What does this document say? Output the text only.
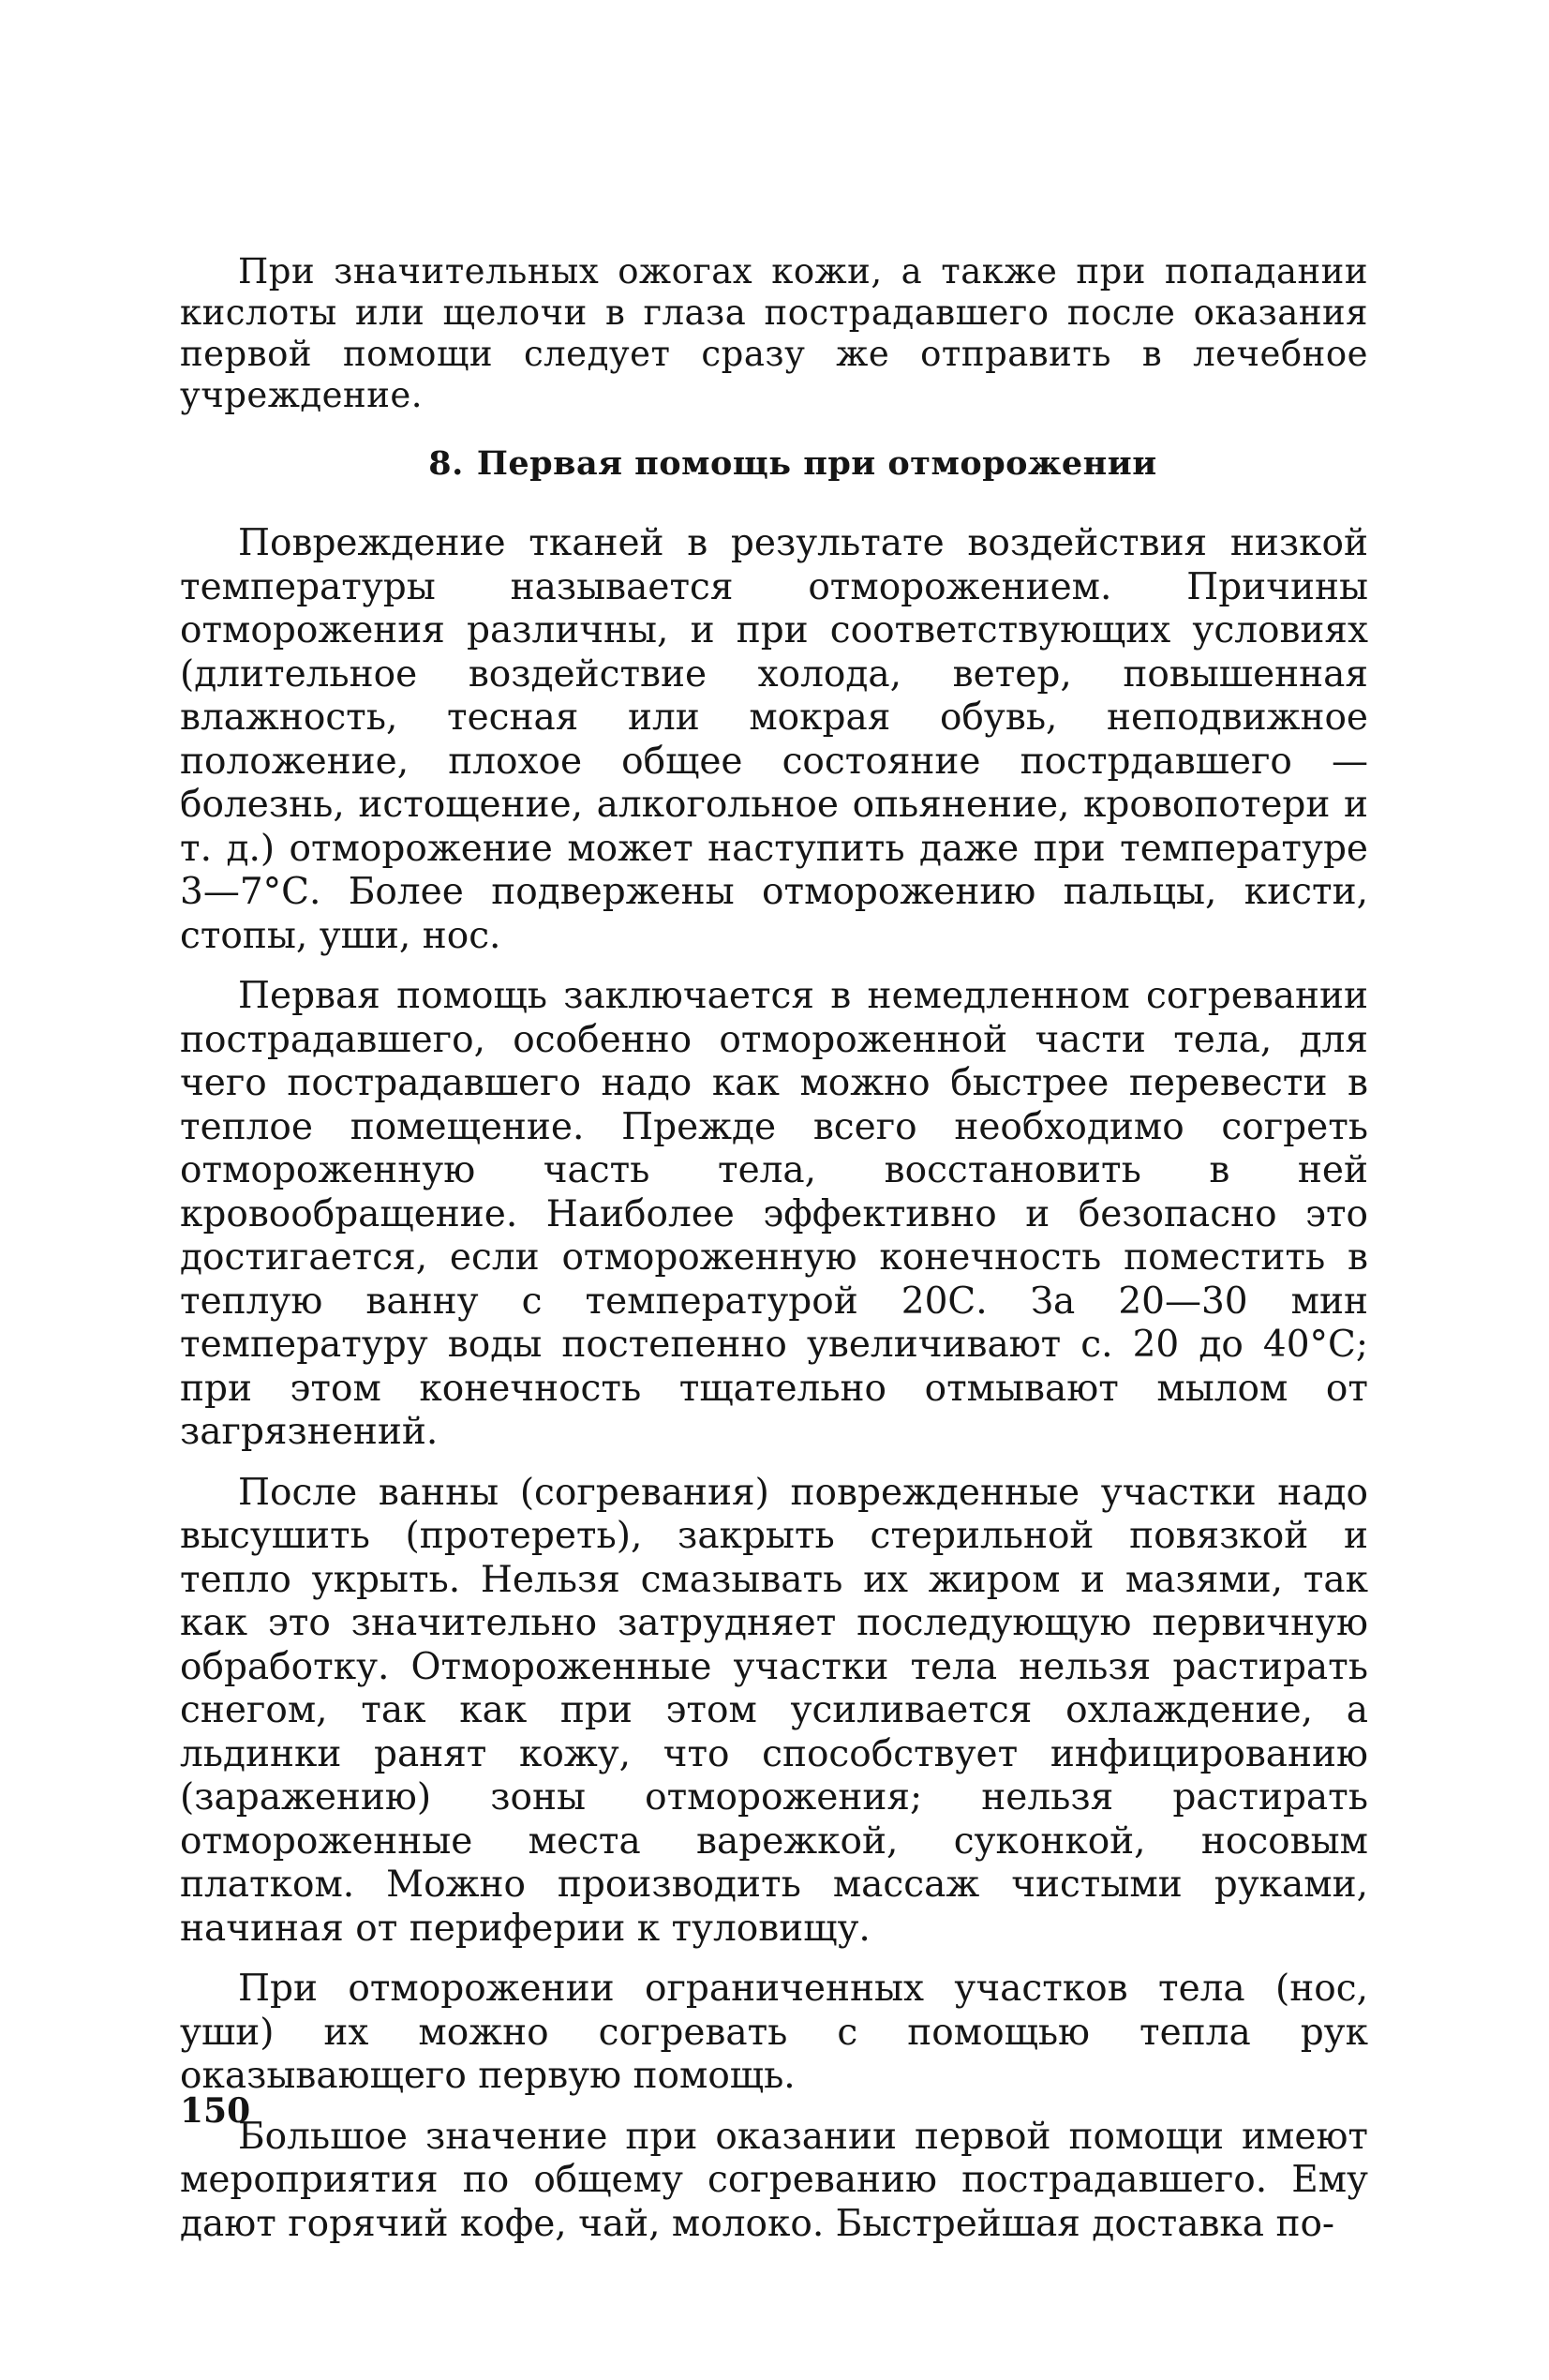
При значительных ожогах кожи, а также при попадании кислоты или щелочи в глаза пострадавшего после оказания первой помощи следует сразу же отправить в лечебное учреждение.

8. Первая помощь при отморожении

Повреждение тканей в результате воздействия низкой температуры называется отморожением. Причины отморожения различны, и при соответствующих условиях (длительное воздействие холода, ветер, повышенная влажность, тесная или мокрая обувь, неподвижное положение, плохое общее состояние пострдавшего — болезнь, истощение, алкогольное опьянение, кровопотери и т. д.) отморожение может наступить даже при температуре 3—7°С. Более подвержены отморожению пальцы, кисти, стопы, уши, нос.

Первая помощь заключается в немедленном согревании пострадавшего, особенно отмороженной части тела, для чего пострадавшего надо как можно быстрее перевести в теплое помещение. Прежде всего необходимо согреть отмороженную часть тела, восстановить в ней кровообращение. Наиболее эффективно и безопасно это достигается, если отмороженную конечность поместить в теплую ванну с температурой 20С. За 20—30 мин температуру воды постепенно увеличивают с. 20 до 40°С; при этом конечность тщательно отмывают мылом от загрязнений.

После ванны (согревания) поврежденные участки надо высушить (протереть), закрыть стерильной повязкой и тепло укрыть. Нельзя смазывать их жиром и мазями, так как это значительно затрудняет последующую первичную обработку. Отмороженные участки тела нельзя растирать снегом, так как при этом усиливается охлаждение, а льдинки ранят кожу, что способствует инфицированию (заражению) зоны отморожения; нельзя растирать отмороженные места варежкой, суконкой, носовым платком. Можно производить массаж чистыми руками, начиная от периферии к туловищу.

При отморожении ограниченных участков тела (нос, уши) их можно согревать с помощью тепла рук оказывающего первую помощь.

Большое значение при оказании первой помощи имеют мероприятия по общему согреванию пострадавшего. Ему дают горячий кофе, чай, молоко. Быстрейшая доставка по-

150
